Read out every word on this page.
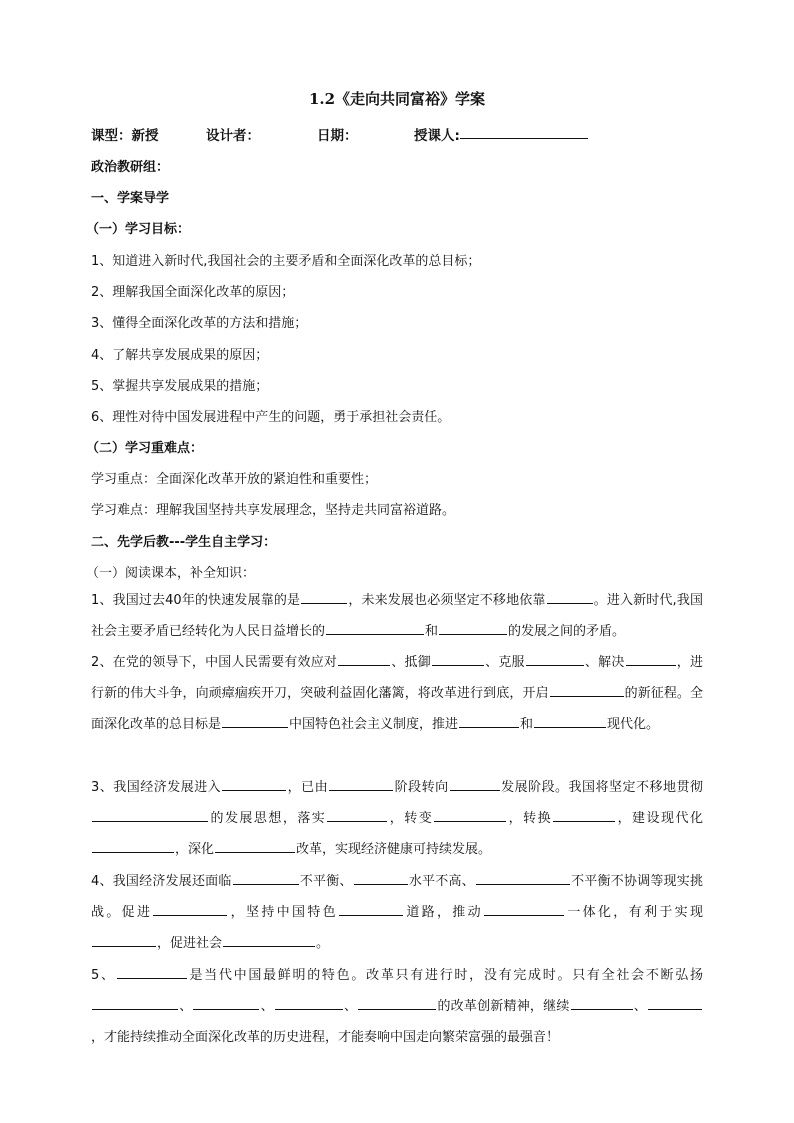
1.2《走向共同富裕》学案
课型：新授	设计者：	日期：	授课人:
政治教研组：
一、学案导学
（一）学习目标：
1、知道进入新时代,我国社会的主要矛盾和全面深化改革的总目标；
2、理解我国全面深化改革的原因；
3、懂得全面深化改革的方法和措施；
4、了解共享发展成果的原因；
5、掌握共享发展成果的措施；
6、理性对待中国发展进程中产生的问题，勇于承担社会责任。
（二）学习重难点：
学习重点：全面深化改革开放的紧迫性和重要性；
学习难点：理解我国坚持共享发展理念，坚持走共同富裕道路。
二、先学后教---学生自主学习：
（一）阅读课本，补全知识：
1、我国过去40年的快速发展靠的是	，未来发展也必须坚定不移地依靠	。进入新时代,我国社会主要矛盾已经转化为人民日益增长的	和	的发展之间的矛盾。
2、在党的领导下，中国人民需要有效应对	、抵御	、克服	、解决	，进行新的伟大斗争，向顽瘴痼疾开刀，突破利益固化藩篱，将改革进行到底，开启	的新征程。全面深化改革的总目标是	中国特色社会主义制度，推进	和	现代化。
3、我国经济发展进入	，已由	阶段转向	发展阶段。我国将坚定不移地贯彻的发展思想，落实	，转变	，转换	，建设现代化，深化	改革，实现经济健康可持续发展。
4、我国经济发展还面临	不平衡、	水平不高、	不平衡不协调等现实挑战。促进	，坚持中国特色	道路，推动	一体化，有利于实现，促进社会	。
5、	是当代中国最鲜明的特色。改革只有进行时，没有完成时。只有全社会不断弘扬、	、	、	的改革创新精神，继续	、，才能持续推动全面深化改革的历史进程，才能奏响中国走向繁荣富强的最强音！
